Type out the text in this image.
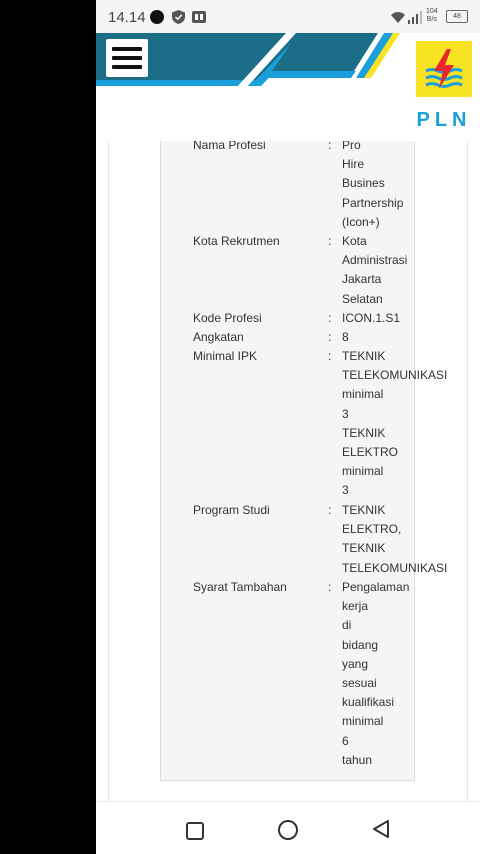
14.14	104
B/s	48
PLN
Nama Profesi	: Pro
Hire
Busines
Partnership
(Icon+)
Kota Rekrutmen	: Kota
Administrasi
Jakarta
Selatan
Kode Profesi	: ICON.1.S1
Angkatan	: 8
Minimal IPK	: TEKNIK
TELEKOMUNIKASI
minimal
3
TEKNIK
ELEKTRO
minimal
3
Program Studi	: TEKNIK
ELEKTRO,
TEKNIK
TELEKOMUNIKASI
Syarat Tambahan	: Pengalaman
kerja
di
bidang
yang
sesuai
kualifikasi
minimal
6
tahun
